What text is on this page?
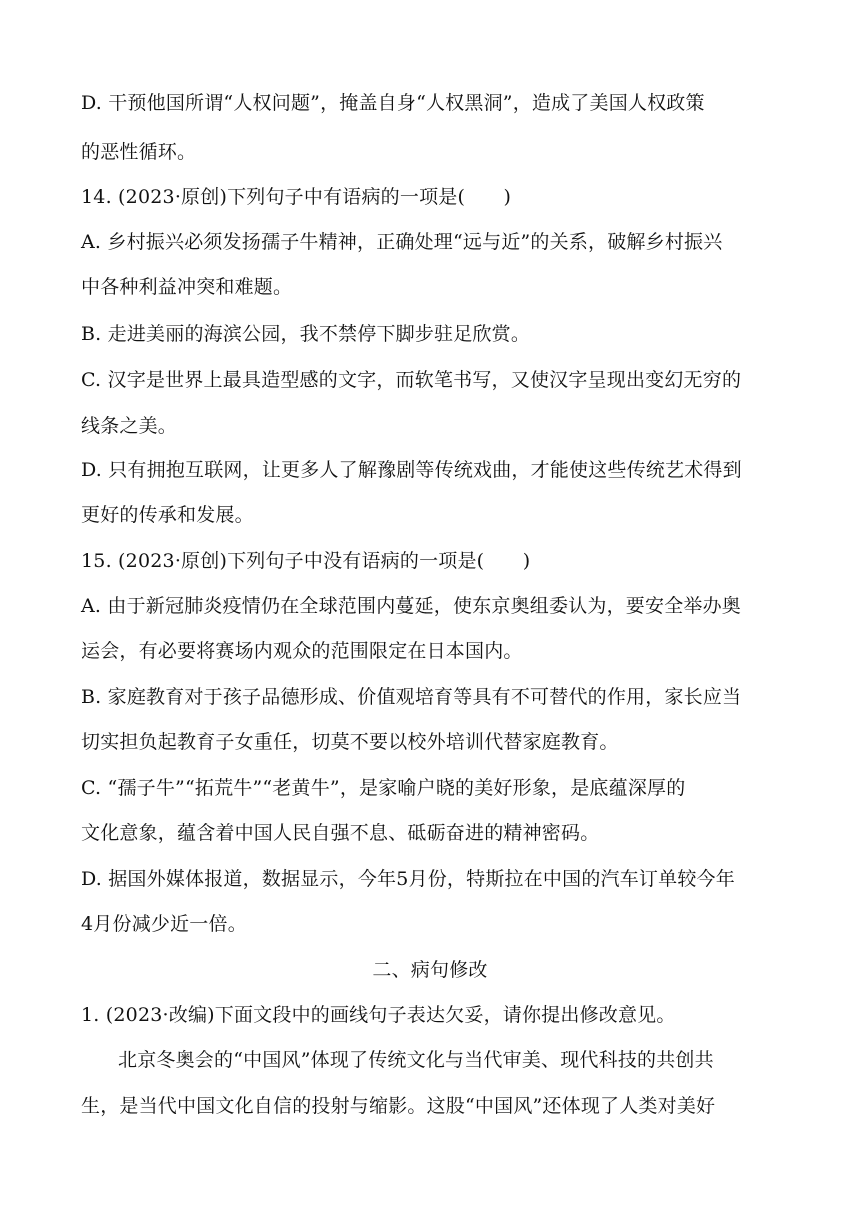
D. 干预他国所谓“人权问题”，掩盖自身“人权黑洞”，造成了美国人权政策
的恶性循环。
14. (2023·原创)下列句子中有语病的一项是(　　)
A. 乡村振兴必须发扬孺子牛精神，正确处理“远与近”的关系，破解乡村振兴
中各种利益冲突和难题。
B. 走进美丽的海滨公园，我不禁停下脚步驻足欣赏。
C. 汉字是世界上最具造型感的文字，而软笔书写，又使汉字呈现出变幻无穷的
线条之美。
D. 只有拥抱互联网，让更多人了解豫剧等传统戏曲，才能使这些传统艺术得到
更好的传承和发展。
15. (2023·原创)下列句子中没有语病的一项是(　　)
A. 由于新冠肺炎疫情仍在全球范围内蔓延，使东京奥组委认为，要安全举办奥
运会，有必要将赛场内观众的范围限定在日本国内。
B. 家庭教育对于孩子品德形成、价值观培育等具有不可替代的作用，家长应当
切实担负起教育子女重任，切莫不要以校外培训代替家庭教育。
C. “孺子牛”“拓荒牛”“老黄牛”，是家喻户晓的美好形象，是底蕴深厚的
文化意象，蕴含着中国人民自强不息、砥砺奋进的精神密码。
D. 据国外媒体报道，数据显示，今年5月份，特斯拉在中国的汽车订单较今年
4月份减少近一倍。
二、病句修改
1. (2023·改编)下面文段中的画线句子表达欠妥，请你提出修改意见。
北京冬奥会的“中国风”体现了传统文化与当代审美、现代科技的共创共
生，是当代中国文化自信的投射与缩影。这股“中国风”还体现了人类对美好
